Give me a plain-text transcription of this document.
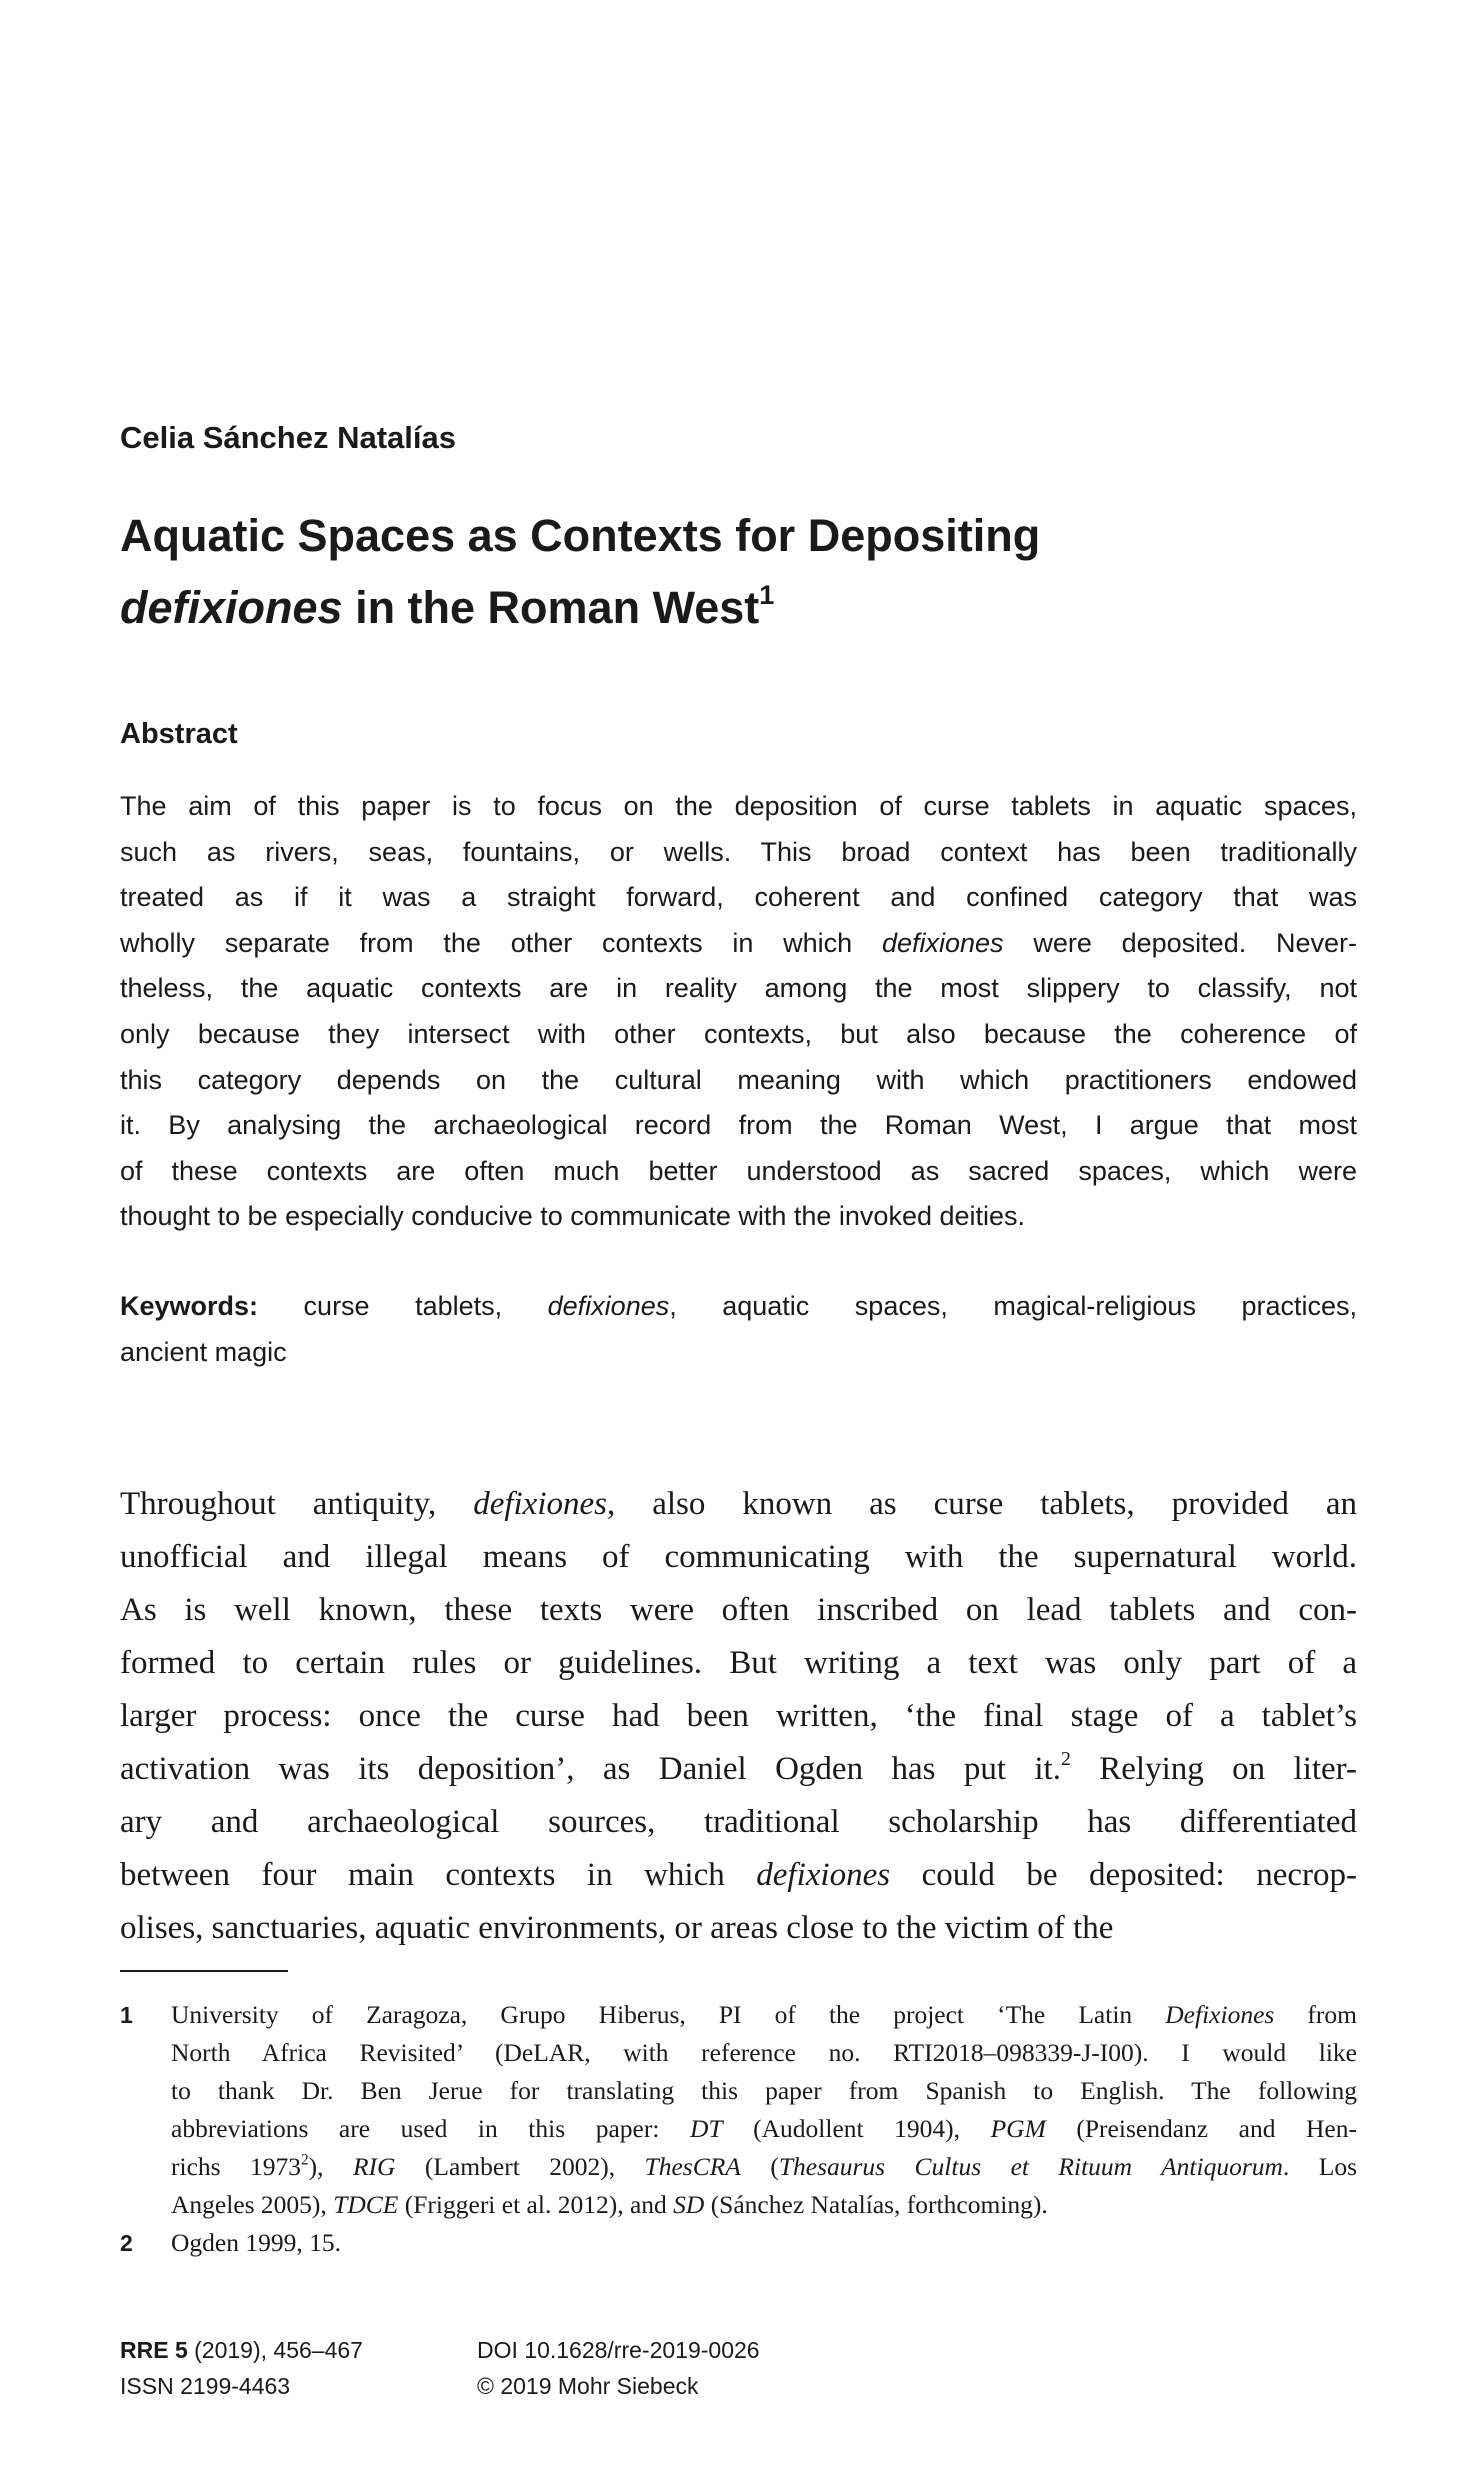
Celia Sánchez Natalías
Aquatic Spaces as Contexts for Depositing
defixiones in the Roman West$^1$
Abstract
The aim of this paper is to focus on the deposition of curse tablets in aquatic spaces,
such as rivers, seas, fountains, or wells. This broad context has been traditionally
treated as if it was a straight forward, coherent and confined category that was
wholly separate from the other contexts in which defixiones were deposited. Never-
theless, the aquatic contexts are in reality among the most slippery to classify, not
only because they intersect with other contexts, but also because the coherence of
this category depends on the cultural meaning with which practitioners endowed
it. By analysing the archaeological record from the Roman West, I argue that most
of these contexts are often much better understood as sacred spaces, which were
thought to be especially conducive to communicate with the invoked deities.
Keywords: curse tablets, defixiones, aquatic spaces, magical-religious practices,
ancient magic
Throughout antiquity, defixiones, also known as curse tablets, provided an
unofficial and illegal means of communicating with the supernatural world.
As is well known, these texts were often inscribed on lead tablets and con-
formed to certain rules or guidelines. But writing a text was only part of a
larger process: once the curse had been written, ‘the final stage of a tablet’s
activation was its deposition’, as Daniel Ogden has put it.$^2$ Relying on liter-
ary and archaeological sources, traditional scholarship has differentiated
between four main contexts in which defixiones could be deposited: necrop-
olises, sanctuaries, aquatic environments, or areas close to the victim of the
1 University of Zaragoza, Grupo Hiberus, PI of the project ‘The Latin Defixiones from
North Africa Revisited’ (DeLAR, with reference no. RTI2018–098339-J-I00). I would like
to thank Dr. Ben Jerue for translating this paper from Spanish to English. The following
abbreviations are used in this paper: DT (Audollent 1904), PGM (Preisendanz and Hen-
richs 1973$^2$), RIG (Lambert 2002), ThesCRA (Thesaurus Cultus et Rituum Antiquorum. Los
Angeles 2005), TDCE (Friggeri et al. 2012), and SD (Sánchez Natalías, forthcoming).
2 Ogden 1999, 15.
RRE 5 (2019), 456–467
ISSN 2199-4463
DOI 10.1628/rre-2019-0026
© 2019 Mohr Siebeck
